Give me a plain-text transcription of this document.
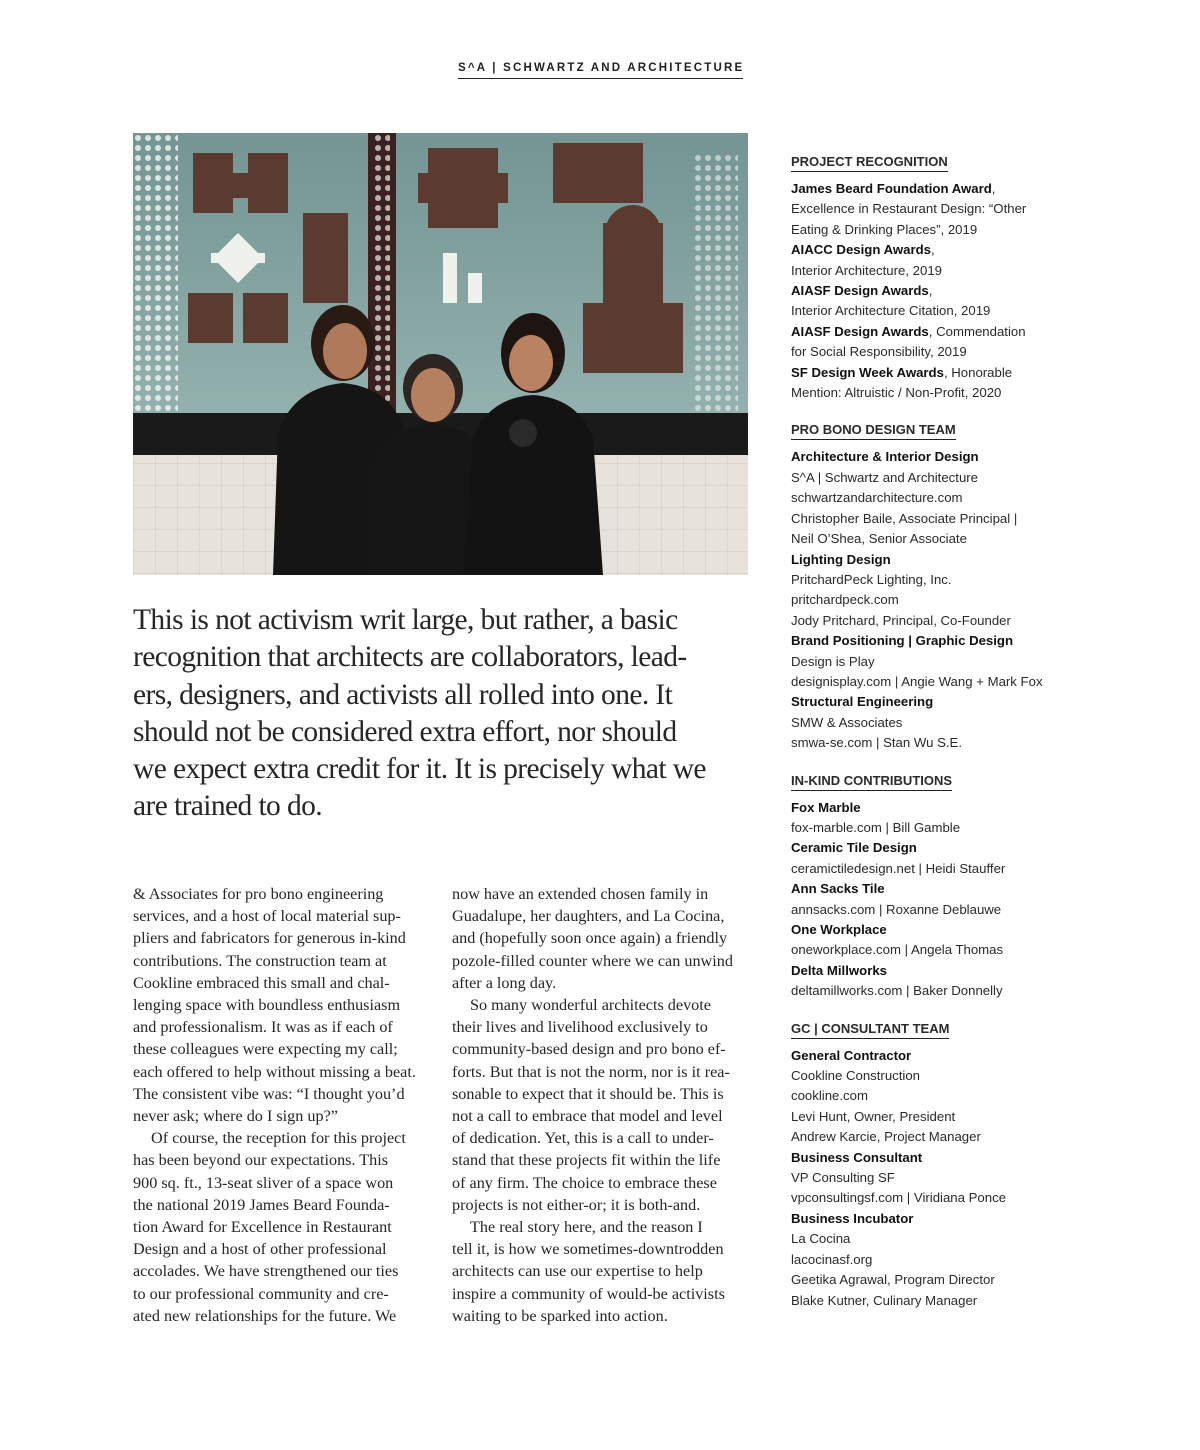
S^A | SCHWARTZ AND ARCHITECTURE
This is not activism writ large, but rather, a basic
recognition that architects are collaborators, lead-
ers, designers, and activists all rolled into one. It
should not be considered extra effort, nor should
we expect extra credit for it. It is precisely what we
are trained to do.
& Associates for pro bono engineering
services, and a host of local material sup-
pliers and fabricators for generous in-kind
contributions. The construction team at
Cookline embraced this small and chal-
lenging space with boundless enthusiasm
and professionalism. It was as if each of
these colleagues were expecting my call;
each offered to help without missing a beat.
The consistent vibe was: “I thought you’d
never ask; where do I sign up?”
Of course, the reception for this project
has been beyond our expectations. This
900 sq. ft., 13-seat sliver of a space won
the national 2019 James Beard Founda-
tion Award for Excellence in Restaurant
Design and a host of other professional
accolades. We have strengthened our ties
to our professional community and cre-
ated new relationships for the future. We
now have an extended chosen family in
Guadalupe, her daughters, and La Cocina,
and (hopefully soon once again) a friendly
pozole-filled counter where we can unwind
after a long day.
So many wonderful architects devote
their lives and livelihood exclusively to
community-based design and pro bono ef-
forts. But that is not the norm, nor is it rea-
sonable to expect that it should be. This is
not a call to embrace that model and level
of dedication. Yet, this is a call to under-
stand that these projects fit within the life
of any firm. The choice to embrace these
projects is not either-or; it is both-and.
The real story here, and the reason I
tell it, is how we sometimes-downtrodden
architects can use our expertise to help
inspire a community of would-be activists
waiting to be sparked into action.
PROJECT RECOGNITION
James Beard Foundation Award,
Excellence in Restaurant Design: “Other
Eating & Drinking Places”, 2019
AIACC Design Awards,
Interior Architecture, 2019
AIASF Design Awards,
Interior Architecture Citation, 2019
AIASF Design Awards, Commendation
for Social Responsibility, 2019
SF Design Week Awards, Honorable
Mention: Altruistic / Non-Profit, 2020
PRO BONO DESIGN TEAM
Architecture & Interior Design
S^A | Schwartz and Architecture
schwartzandarchitecture.com
Christopher Baile, Associate Principal |
Neil O’Shea, Senior Associate
Lighting Design
PritchardPeck Lighting, Inc.
pritchardpeck.com
Jody Pritchard, Principal, Co-Founder
Brand Positioning | Graphic Design
Design is Play
designisplay.com | Angie Wang + Mark Fox
Structural Engineering
SMW & Associates
smwa-se.com | Stan Wu S.E.
IN-KIND CONTRIBUTIONS
Fox Marble
fox-marble.com | Bill Gamble
Ceramic Tile Design
ceramictiledesign.net | Heidi Stauffer
Ann Sacks Tile
annsacks.com | Roxanne Deblauwe
One Workplace
oneworkplace.com | Angela Thomas
Delta Millworks
deltamillworks.com | Baker Donnelly
GC | CONSULTANT TEAM
General Contractor
Cookline Construction
cookline.com
Levi Hunt, Owner, President
Andrew Karcie, Project Manager
Business Consultant
VP Consulting SF
vpconsultingsf.com | Viridiana Ponce
Business Incubator
La Cocina
lacocinasf.org
Geetika Agrawal, Program Director
Blake Kutner, Culinary Manager
